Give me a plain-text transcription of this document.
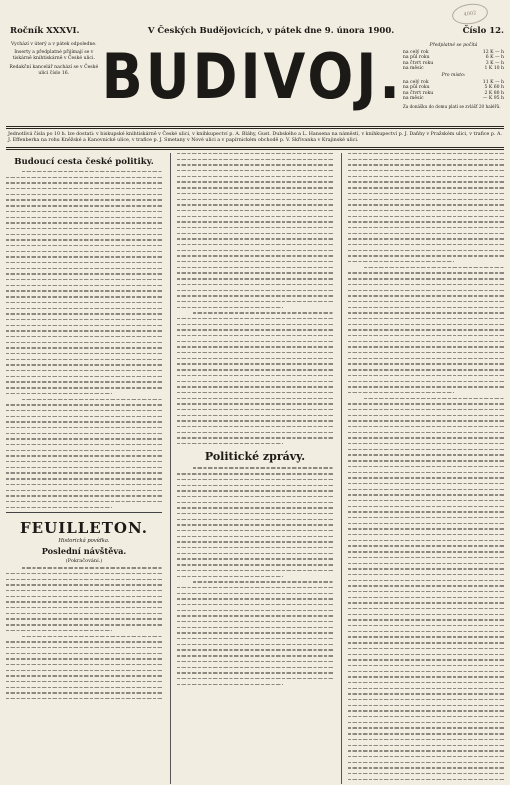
4002
Ročník XXXVI.	V Českých Budějovicích, v pátek dne 9. února 1900.	Číslo 12.

Vychází v úterý a v pátek odpoledne.

Inserty a předplatné přijímají se v tiskárně knihtiskárně v České ulici.

Redakční kancelář nachází se v České ulici číslo 16. BUDIVOJ.	Předplatné se počítá
na celý rok	12 K — h
na půl roku	6 K — h
na čtvrt roku	3 K — h
na měsíc	1 K 10 h
Pro místo:
na celý rok	11 K — h
na půl roku	5 K 60 h
na čtvrt roku	2 K 80 h
na měsíc	— K 95 h
Za donášku do domu platí se zvlášť 20 haléřů.
Jednotlivá čísla po 10 h. lze dostati: v biskupské knihtiskárně v České ulici, v knihkupectví p. A. Bláhy, Gust. Dubského a L. Hansena na náměstí, v knihkupectví p. J. Daňhy v Pražském ulici, v trafice p. A. J. Effenberka na rohu Kněžské a Kanovnické ulice, v trafice p. J. Smetany v Nové ulici a v papírnickém obchodě p. V. Skřivanka v Krajinské ulici.
Budoucí cesta české politiky.
FEUILLETON.
Historická povídka.
Poslední návštěva.
(Pokračování.)
Politické zprávy.
